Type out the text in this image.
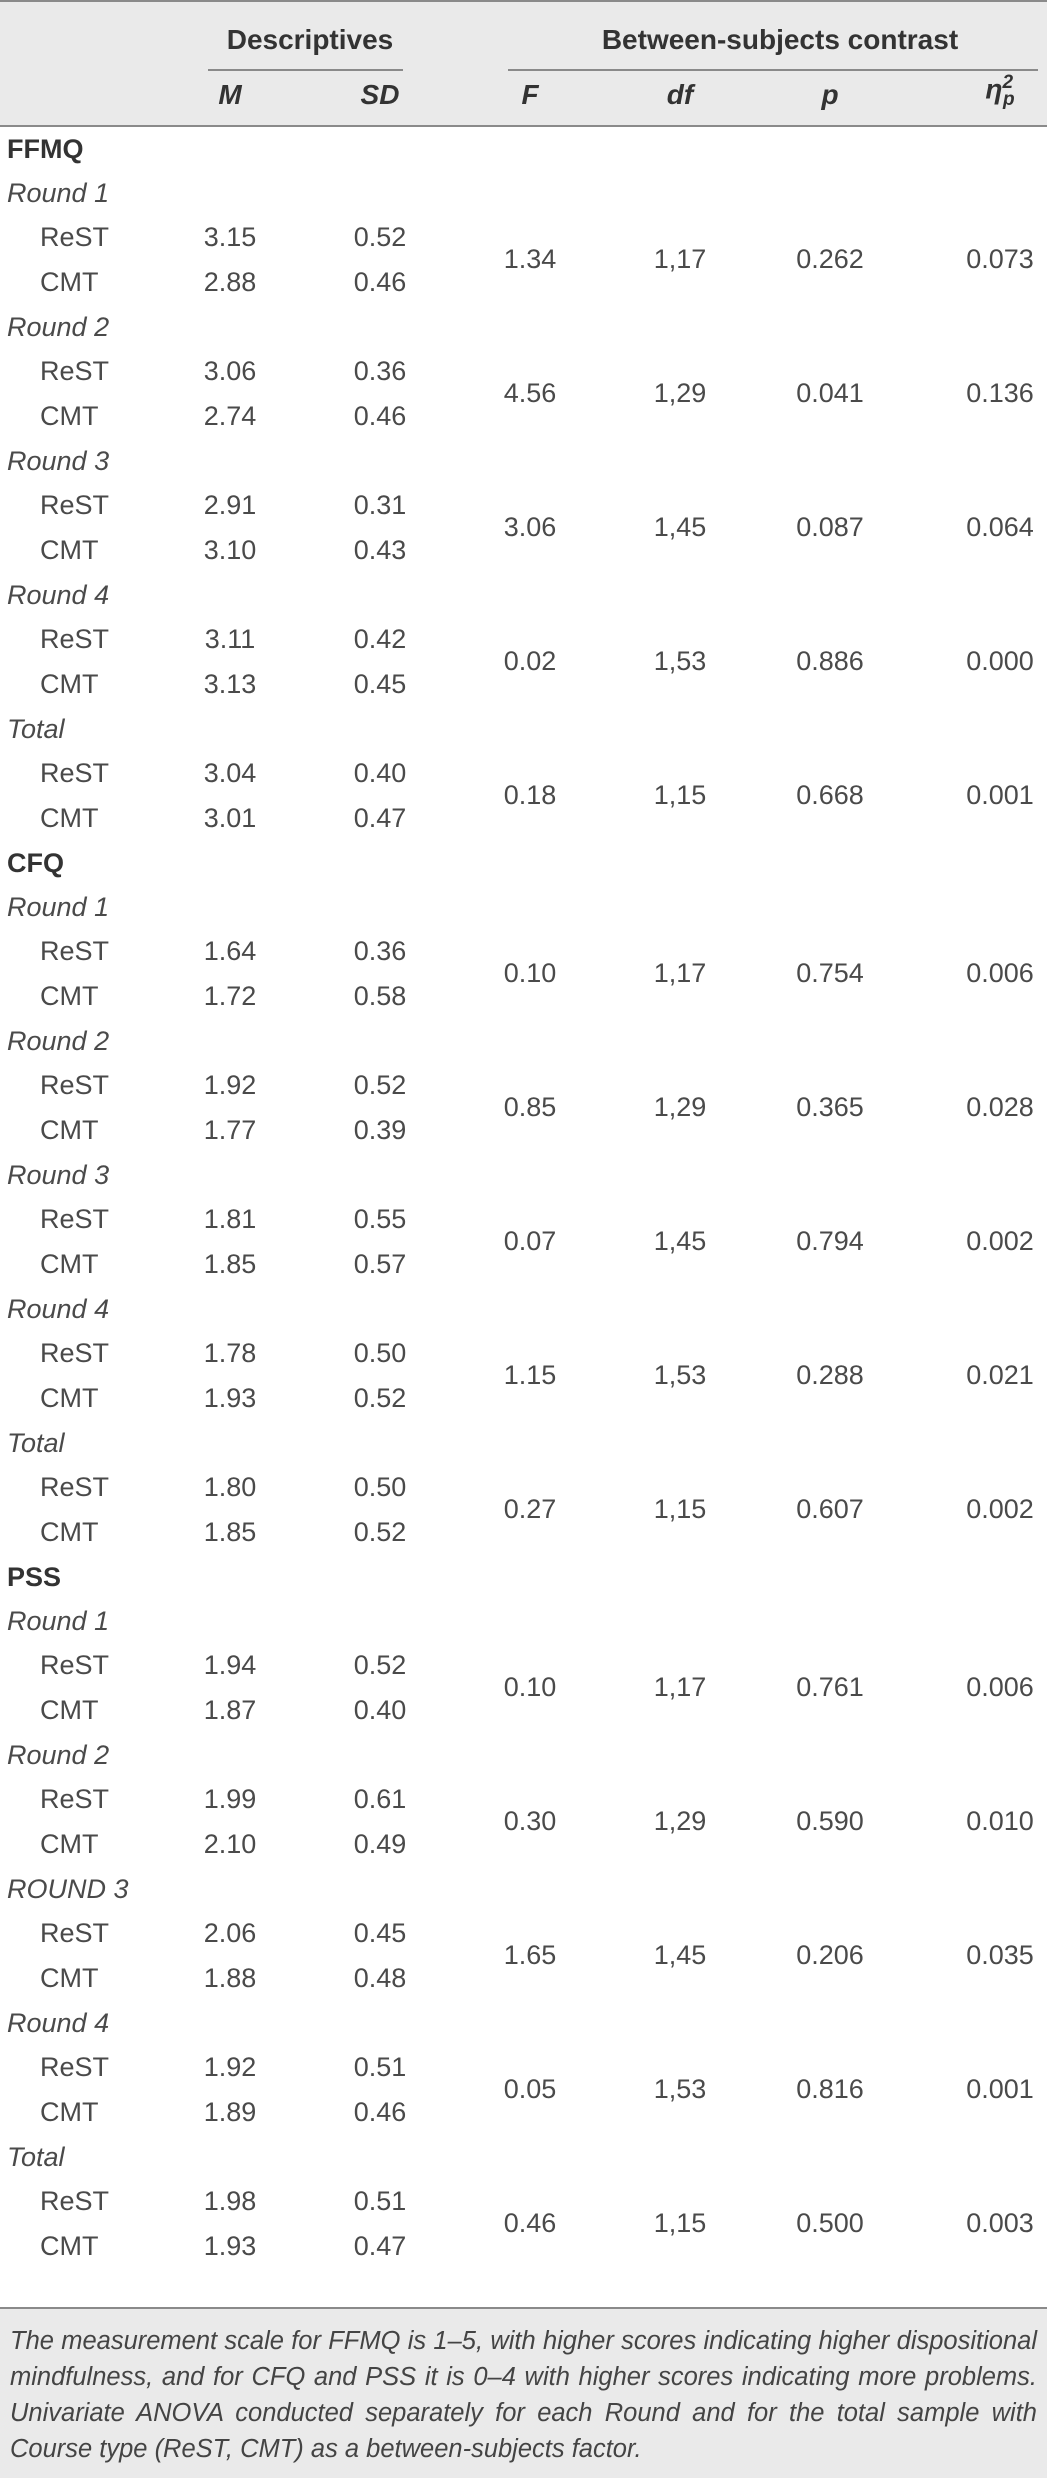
Descriptives	Between-subjects contrast
M	SD	F	df	p	$\eta^2_p$
FFMQ
Round 1
ReST	3.15	0.52
1.34	1,17	0.262	0.073
CMT	2.88	0.46
Round 2
ReST	3.06	0.36
4.56	1,29	0.041	0.136
CMT	2.74	0.46
Round 3
ReST	2.91	0.31
3.06	1,45	0.087	0.064
CMT	3.10	0.43
Round 4
ReST	3.11	0.42
0.02	1,53	0.886	0.000
CMT	3.13	0.45
Total
ReST	3.04	0.40
0.18	1,15	0.668	0.001
CMT	3.01	0.47
CFQ
Round 1
ReST	1.64	0.36
0.10	1,17	0.754	0.006
CMT	1.72	0.58
Round 2
ReST	1.92	0.52
0.85	1,29	0.365	0.028
CMT	1.77	0.39
Round 3
ReST	1.81	0.55
0.07	1,45	0.794	0.002
CMT	1.85	0.57
Round 4
ReST	1.78	0.50
1.15	1,53	0.288	0.021
CMT	1.93	0.52
Total
ReST	1.80	0.50
0.27	1,15	0.607	0.002
CMT	1.85	0.52
PSS
Round 1
ReST	1.94	0.52
0.10	1,17	0.761	0.006
CMT	1.87	0.40
Round 2
ReST	1.99	0.61
0.30	1,29	0.590	0.010
CMT	2.10	0.49
ROUND 3
ReST	2.06	0.45
1.65	1,45	0.206	0.035
CMT	1.88	0.48
Round 4
ReST	1.92	0.51
0.05	1,53	0.816	0.001
CMT	1.89	0.46
Total
ReST	1.98	0.51
0.46	1,15	0.500	0.003
CMT	1.93	0.47

The measurement scale for FFMQ is 1–5, with higher scores indicating higher dispositional mindfulness, and for CFQ and PSS it is 0–4 with higher scores indicating more problems. Univariate ANOVA conducted separately for each Round and for the total sample with Course type (ReST, CMT) as a between-subjects factor.
